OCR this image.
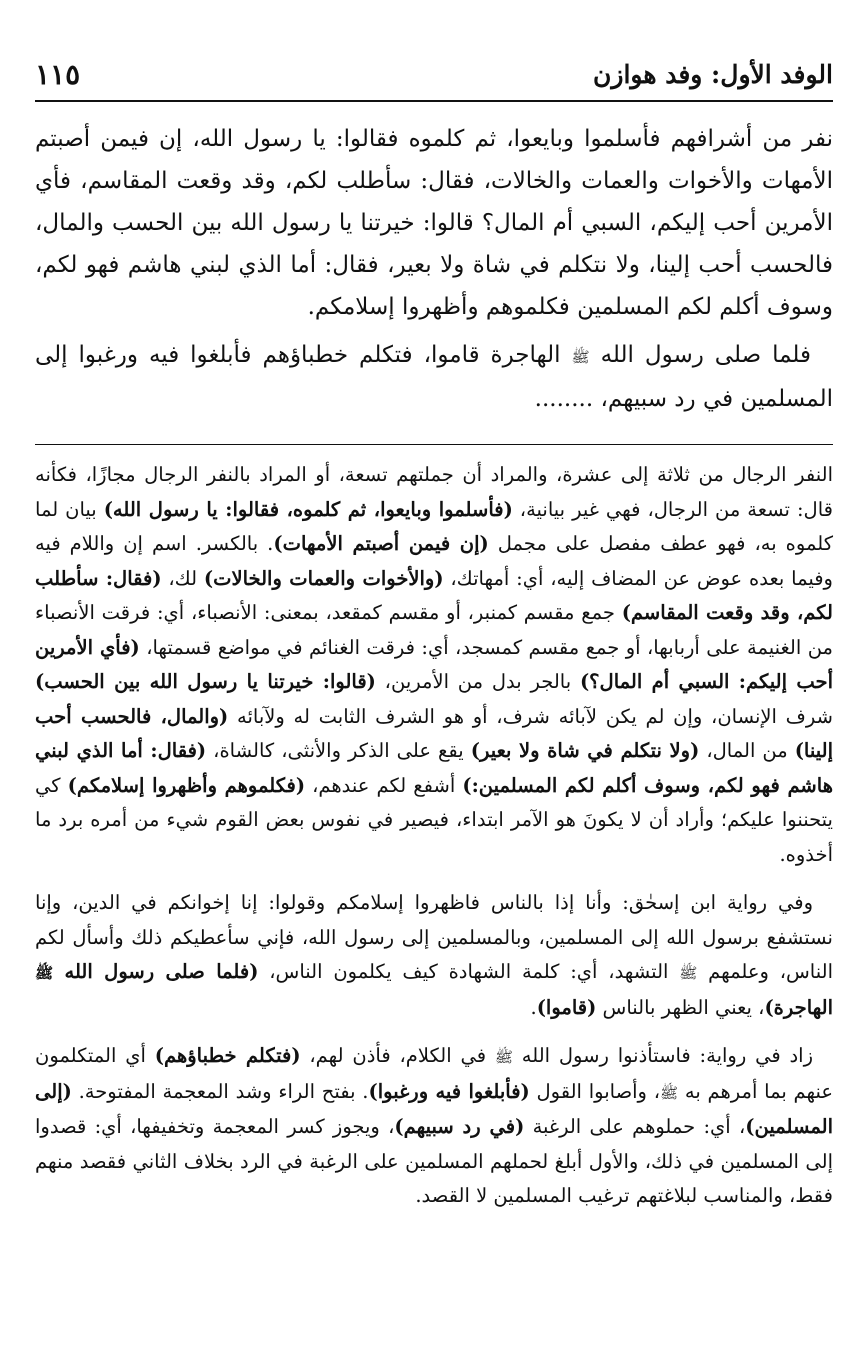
الوفد الأول: وفد هوازن
١١٥

نفر من أشرافهم فأسلموا وبايعوا، ثم كلموه فقالوا: يا رسول الله، إن فيمن أصبتم الأمهات والأخوات والعمات والخالات، فقال: سأطلب لكم، وقد وقعت المقاسم، فأي الأمرين أحب إليكم، السبي أم المال؟ قالوا: خيرتنا يا رسول الله بين الحسب والمال، فالحسب أحب إلينا، ولا نتكلم في شاة ولا بعير، فقال: أما الذي لبني هاشم فهو لكم، وسوف أكلم لكم المسلمين فكلموهم وأظهروا إسلامكم.

فلما صلى رسول الله ﷺ الهاجرة قاموا، فتكلم خطباؤهم فأبلغوا فيه ورغبوا إلى المسلمين في رد سبيهم، ........

النفر الرجال من ثلاثة إلى عشرة، والمراد أن جملتهم تسعة، أو المراد بالنفر الرجال مجازًا، فكأنه قال: تسعة من الرجال، فهي غير بيانية، (فأسلموا وبايعوا، ثم كلموه، فقالوا: يا رسول الله) بيان لما كلموه به، فهو عطف مفصل على مجمل (إن فيمن أصبتم الأمهات). بالكسر. اسم إن واللام فيه وفيما بعده عوض عن المضاف إليه، أي: أمهاتك، (والأخوات والعمات والخالات) لك، (فقال: سأطلب لكم، وقد وقعت المقاسم) جمع مقسم كمنبر، أو مقسم كمقعد، بمعنى: الأنصباء، أي: فرقت الأنصباء من الغنيمة على أربابها، أو جمع مقسم كمسجد، أي: فرقت الغنائم في مواضع قسمتها، (فأي الأمرين أحب إليكم: السبي أم المال؟) بالجر بدل من الأمرين، (قالوا: خيرتنا يا رسول الله بين الحسب) شرف الإنسان، وإن لم يكن لآبائه شرف، أو هو الشرف الثابت له ولآبائه (والمال، فالحسب أحب إلينا) من المال، (ولا نتكلم في شاة ولا بعير) يقع على الذكر والأنثى، كالشاة، (فقال: أما الذي لبني هاشم فهو لكم، وسوف أكلم لكم المسلمين:) أشفع لكم عندهم، (فكلموهم وأظهروا إسلامكم) كي يتحننوا عليكم؛ وأراد أن لا يكونَ هو الآمر ابتداء، فيصير في نفوس بعض القوم شيء من أمره برد ما أخذوه.

وفي رواية ابن إسحٰق: وأنا إذا بالناس فاظهروا إسلامكم وقولوا: إنا إخوانكم في الدين، وإنا نستشفع برسول الله إلى المسلمين، وبالمسلمين إلى رسول الله، فإني سأعطيكم ذلك وأسأل لكم الناس، وعلمهم ﷺ التشهد، أي: كلمة الشهادة كيف يكلمون الناس، (فلما صلى رسول الله ﷺ الهاجرة)، يعني الظهر بالناس (قاموا).

زاد في رواية: فاستأذنوا رسول الله ﷺ في الكلام، فأذن لهم، (فتكلم خطباؤهم) أي المتكلمون عنهم بما أمرهم به ﷺ، وأصابوا القول (فأبلغوا فيه ورغبوا). بفتح الراء وشد المعجمة المفتوحة. (إلى المسلمين)، أي: حملوهم على الرغبة (في رد سبيهم)، ويجوز كسر المعجمة وتخفيفها، أي: قصدوا إلى المسلمين في ذلك، والأول أبلغ لحملهم المسلمين على الرغبة في الرد بخلاف الثاني فقصد منهم فقط، والمناسب لبلاغتهم ترغيب المسلمين لا القصد.
